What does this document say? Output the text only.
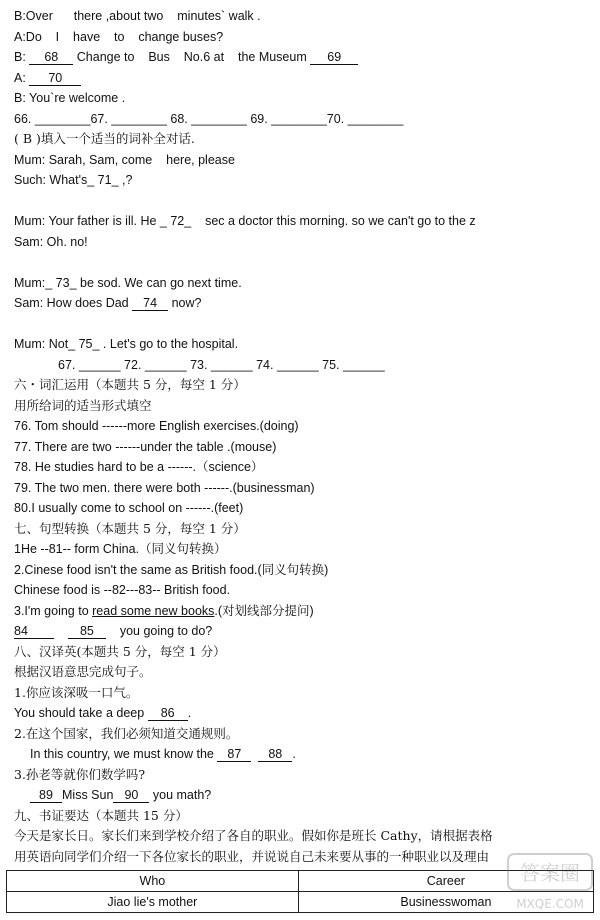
B:Over      there ,about two    minutes` walk .
A:Do    I    have    to    change buses?
B: 68 Change to    Bus    No.6 at    the Museum 69
A: 70
B: You`re welcome .
66. ________67. ________ 68. ________ 69. ________70. ________
( B )填入一个适当的词补全对话.
Mum: Sarah, Sam, come    here, please
Such: What's_ 71_ ,?
Mum: Your father is ill. He _ 72_    sec a doctor this morning. so we can't go to the z
Sam: Oh. no!
Mum:_ 73_ be sod. We can go next time.
Sam: How does Dad 74 now?
Mum: Not_ 75_ . Let's go to the hospital.
67. ______ 72. ______ 73. ______ 74. ______ 75. ______
六・词汇运用（本题共 5 分，每空 1 分）
用所给词的适当形式填空
76. Tom should ------more English exercises.(doing)
77. There are two ------under the table .(mouse)
78. He studies hard to be a ------.（science）
79. The two men. there were both ------.(businessman)
80.I usually come to school on ------.(feet)
七、句型转换（本题共 5 分，每空 1 分）
1He --81-- form China.（同义句转换）
2.Cinese food isn't the same as British food.(同义句转换)
Chinese food is --82---83-- British food.
3.I'm going to read some new books.(对划线部分提问)
84	85 you going to do?
八、汉译英(本题共 5 分，每空 1 分）
根据汉语意思完成句子。
1.你应该深吸一口气。
You should take a deep 86 .
2.在这个国家，我们必须知道交通规则。
In this country, we must know the 87 88 .
3.孙老等就你们数学吗?
89 Miss Sun 90 you math?
九、书证要达（本题共 15 分）
今天是家长日。家长们来到学校介绍了各自的职业。假如你是班长 Cathy，请根据表格
用英语向同学们介绍一下各位家长的职业，并说说自己未来要从事的一种职业以及理由
Who	Career
Jiao lie's mother	Businesswoman
答案圈
MXQE.COM
